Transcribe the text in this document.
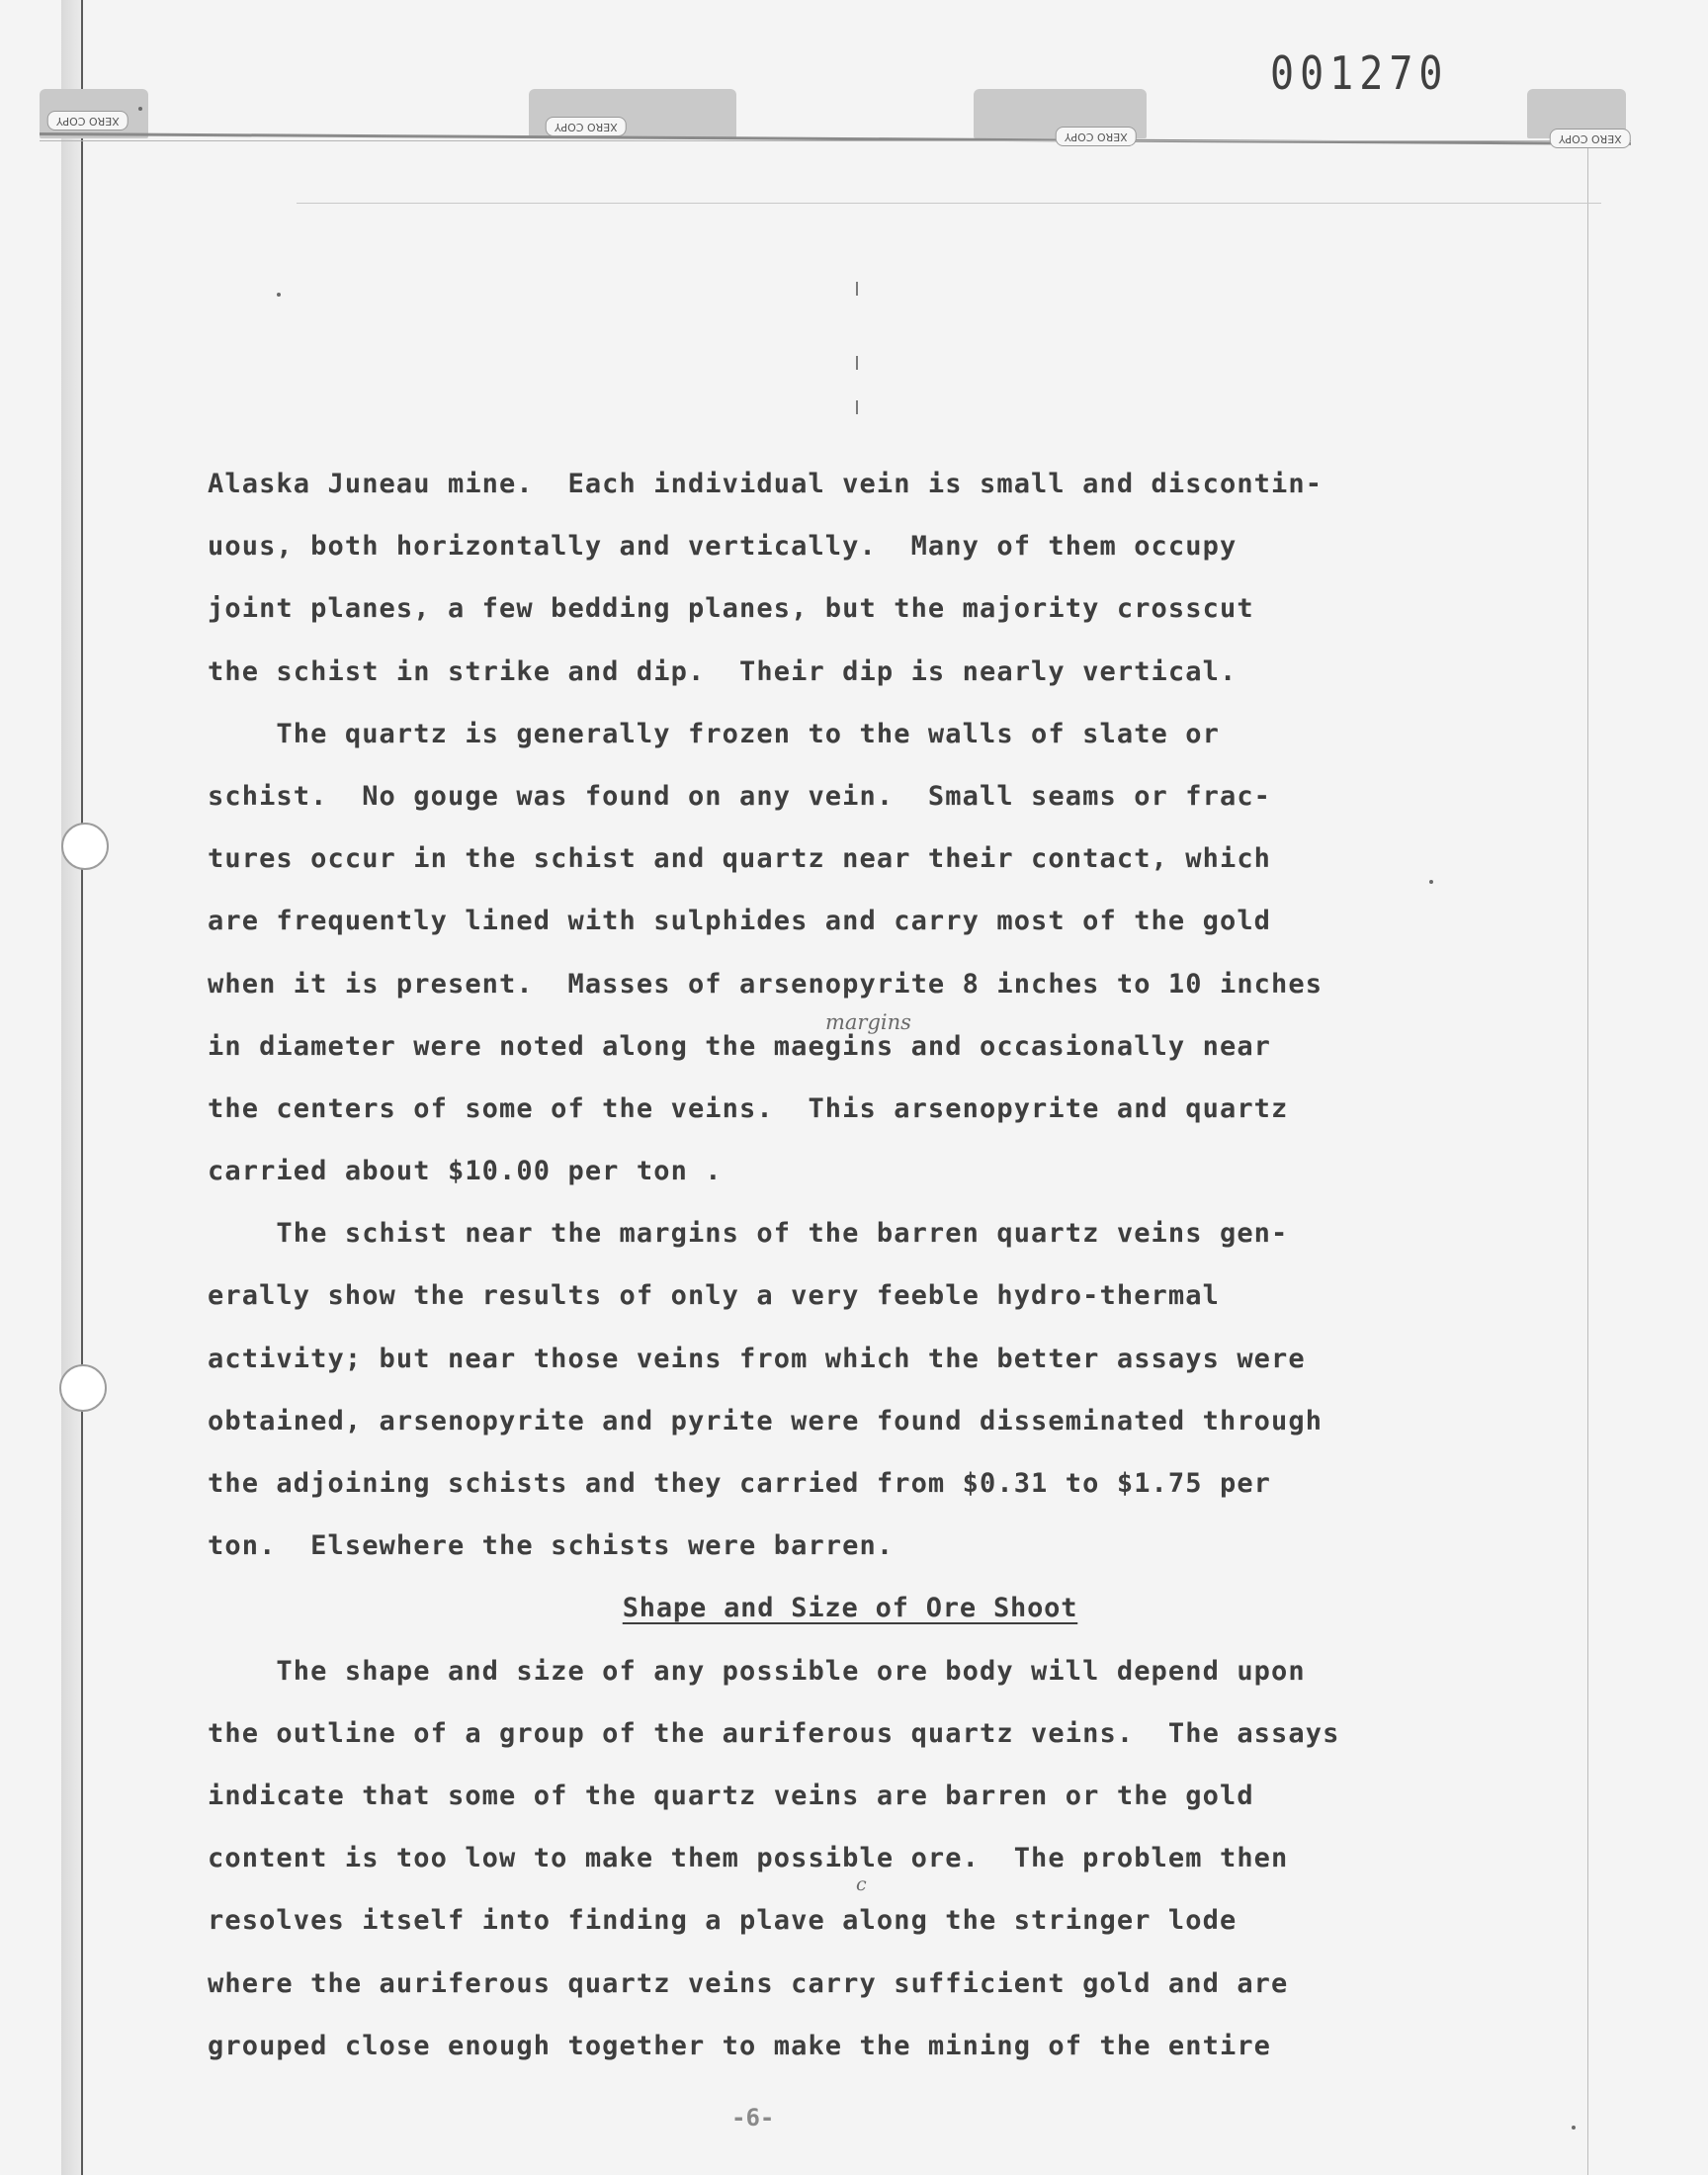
XERO COPY	XERO COPY
XERO COPY	XERO COPY
001270
Alaska Juneau mine.  Each individual vein is small and discontin-
uous, both horizontally and vertically.  Many of them occupy
joint planes, a few bedding planes, but the majority crosscut
the schist in strike and dip.  Their dip is nearly vertical.
The quartz is generally frozen to the walls of slate or
schist.  No gouge was found on any vein.  Small seams or frac-
tures occur in the schist and quartz near their contact, which
are frequently lined with sulphides and carry most of the gold
when it is present.  Masses of arsenopyrite 8 inches to 10 inches
in diameter were noted along the maegins and occasionally near
the centers of some of the veins.  This arsenopyrite and quartz
carried about $10.00 per ton .
The schist near the margins of the barren quartz veins gen-
erally show the results of only a very feeble hydro-thermal
activity; but near those veins from which the better assays were
obtained, arsenopyrite and pyrite were found disseminated through
the adjoining schists and they carried from $0.31 to $1.75 per
ton.  Elsewhere the schists were barren.
Shape and Size of Ore Shoot
The shape and size of any possible ore body will depend upon
the outline of a group of the auriferous quartz veins.  The assays
indicate that some of the quartz veins are barren or the gold
content is too low to make them possible ore.  The problem then
resolves itself into finding a plave along the stringer lode
where the auriferous quartz veins carry sufficient gold and are
grouped close enough together to make the mining of the entire
margins
c
-6-
